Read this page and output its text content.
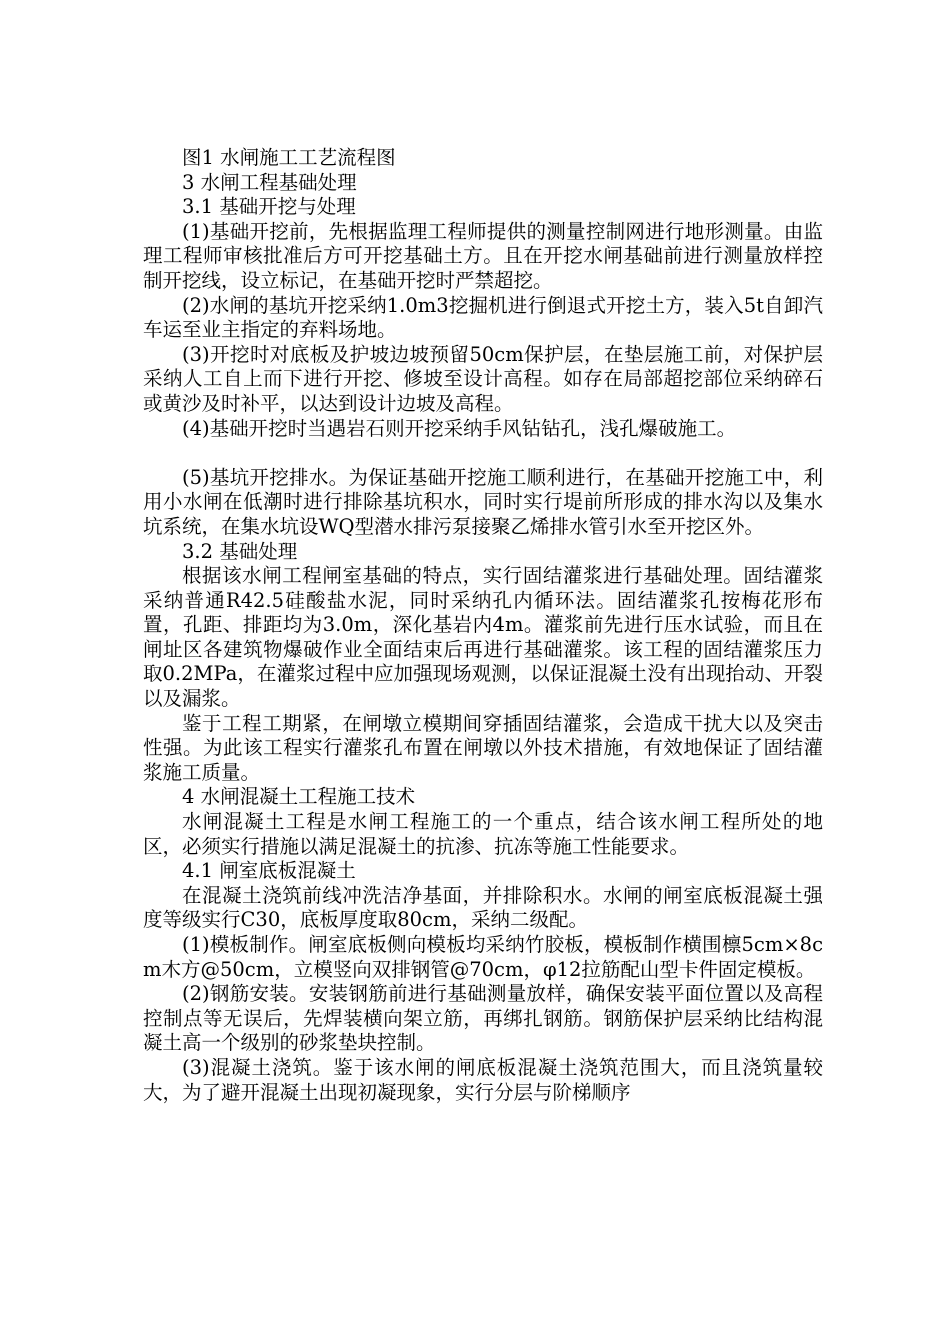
图1 水闸施工工艺流程图

3 水闸工程基础处理

3.1 基础开挖与处理

(1)基础开挖前，先根据监理工程师提供的测量控制网进行地形测量。由监理工程师审核批准后方可开挖基础土方。且在开挖水闸基础前进行测量放样控制开挖线，设立标记，在基础开挖时严禁超挖。

(2)水闸的基坑开挖采纳1.0m3挖掘机进行倒退式开挖土方，装入5t自卸汽车运至业主指定的弃料场地。

(3)开挖时对底板及护坡边坡预留50cm保护层，在垫层施工前，对保护层采纳人工自上而下进行开挖、修坡至设计高程。如存在局部超挖部位采纳碎石或黄沙及时补平，以达到设计边坡及高程。

(4)基础开挖时当遇岩石则开挖采纳手风钻钻孔，浅孔爆破施工。

(5)基坑开挖排水。为保证基础开挖施工顺利进行，在基础开挖施工中，利用小水闸在低潮时进行排除基坑积水，同时实行堤前所形成的排水沟以及集水坑系统，在集水坑设WQ型潜水排污泵接聚乙烯排水管引水至开挖区外。

3.2 基础处理

根据该水闸工程闸室基础的特点，实行固结灌浆进行基础处理。固结灌浆采纳普通R42.5硅酸盐水泥，同时采纳孔内循环法。固结灌浆孔按梅花形布置，孔距、排距均为3.0m，深化基岩内4m。灌浆前先进行压水试验，而且在闸址区各建筑物爆破作业全面结束后再进行基础灌浆。该工程的固结灌浆压力取0.2MPa，在灌浆过程中应加强现场观测，以保证混凝土没有出现抬动、开裂以及漏浆。

鉴于工程工期紧，在闸墩立模期间穿插固结灌浆，会造成干扰大以及突击性强。为此该工程实行灌浆孔布置在闸墩以外技术措施，有效地保证了固结灌浆施工质量。

4 水闸混凝土工程施工技术

水闸混凝土工程是水闸工程施工的一个重点，结合该水闸工程所处的地区，必须实行措施以满足混凝土的抗渗、抗冻等施工性能要求。

4.1 闸室底板混凝土

在混凝土浇筑前线冲洗洁净基面，并排除积水。水闸的闸室底板混凝土强度等级实行C30，底板厚度取80cm，采纳二级配。

(1)模板制作。闸室底板侧向模板均采纳竹胶板，模板制作横围檩5cm×8cm木方@50cm，立模竖向双排钢管@70cm，φ12拉筋配山型卡件固定模板。

(2)钢筋安装。安装钢筋前进行基础测量放样，确保安装平面位置以及高程控制点等无误后，先焊装横向架立筋，再绑扎钢筋。钢筋保护层采纳比结构混凝土高一个级别的砂浆垫块控制。

(3)混凝土浇筑。鉴于该水闸的闸底板混凝土浇筑范围大，而且浇筑量较大，为了避开混凝土出现初凝现象，实行分层与阶梯顺序
